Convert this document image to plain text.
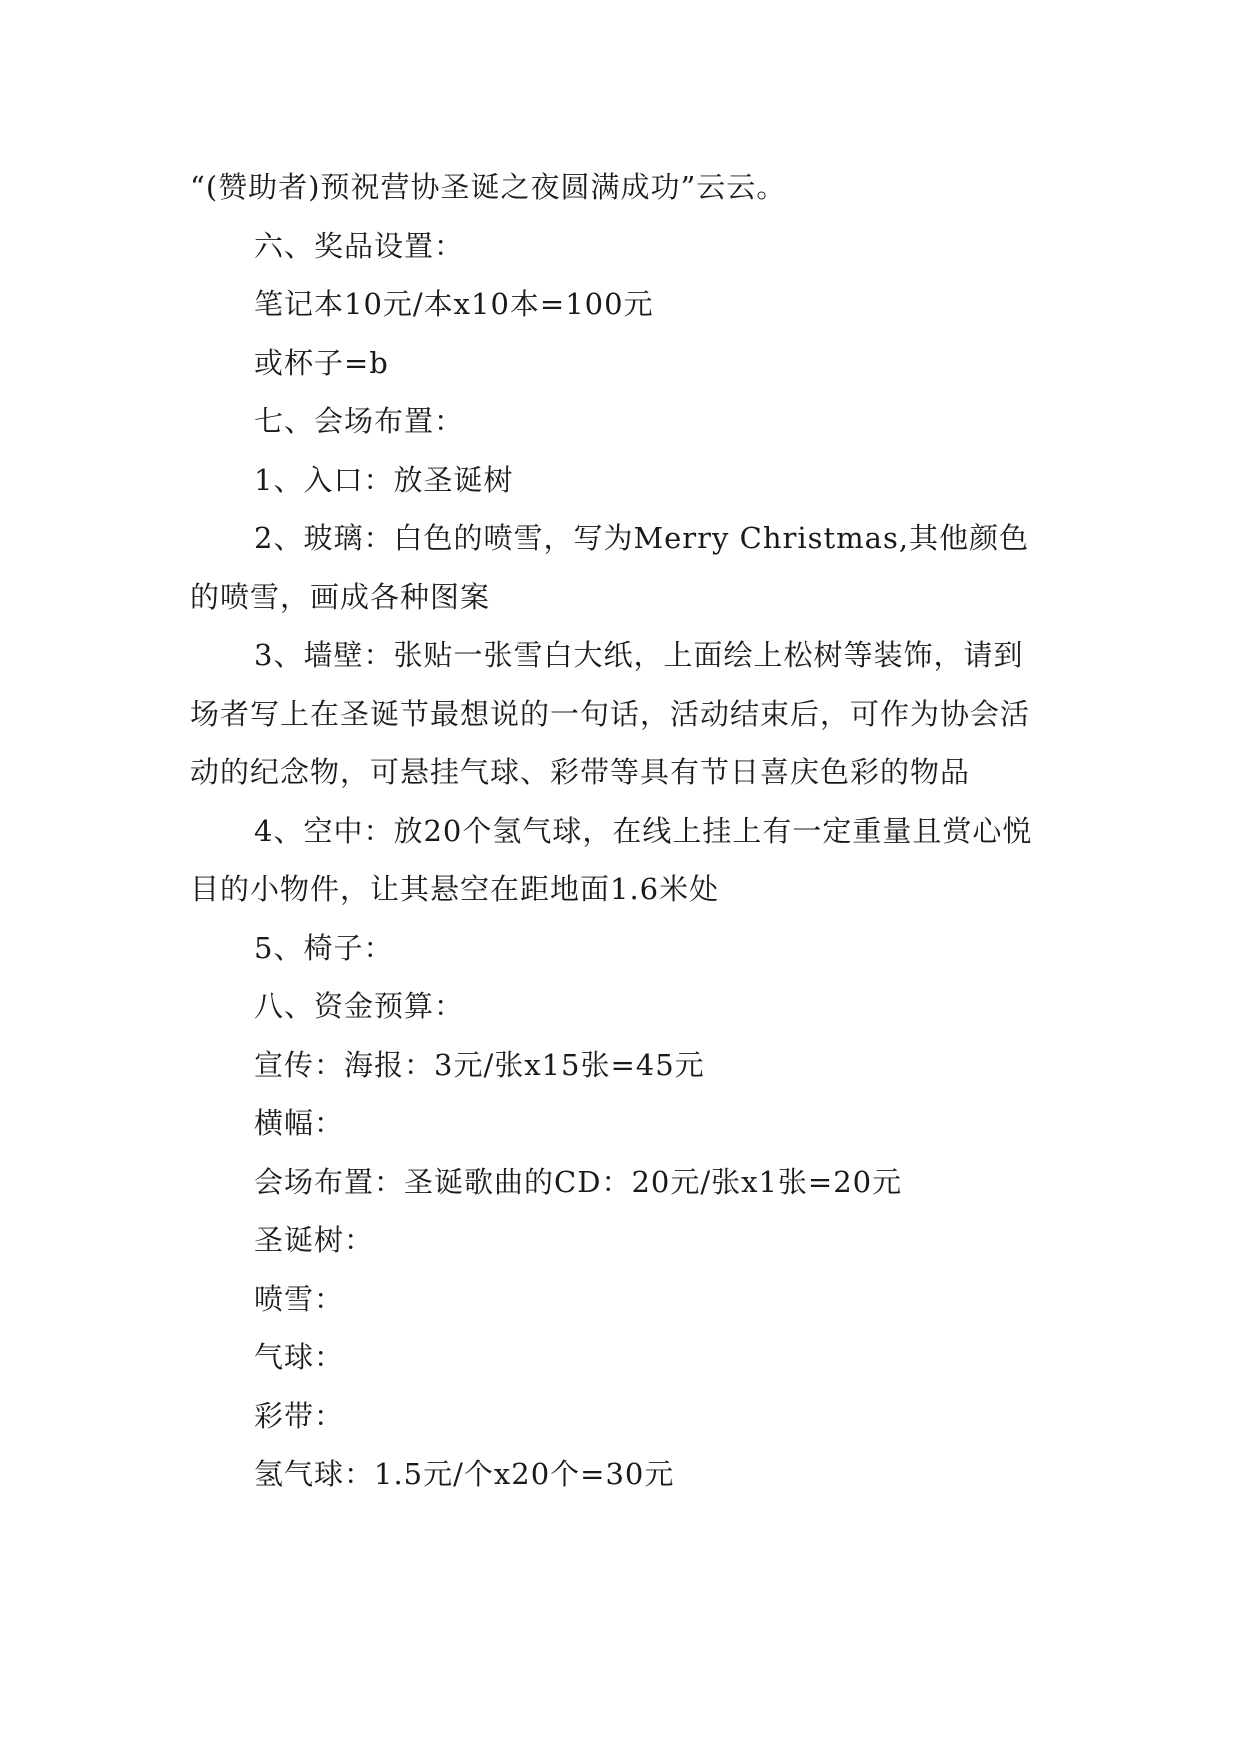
“(赞助者)预祝营协圣诞之夜圆满成功”云云。

六、奖品设置：

笔记本10元/本x10本=100元

或杯子=b

七、会场布置：

1、入口：放圣诞树

2、玻璃：白色的喷雪，写为Merry Christmas,其他颜色的喷雪，画成各种图案

3、墙壁：张贴一张雪白大纸，上面绘上松树等装饰，请到场者写上在圣诞节最想说的一句话，活动结束后，可作为协会活动的纪念物，可悬挂气球、彩带等具有节日喜庆色彩的物品

4、空中：放20个氢气球，在线上挂上有一定重量且赏心悦目的小物件，让其悬空在距地面1.6米处

5、椅子：

八、资金预算：

宣传：海报：3元/张x15张=45元

横幅：

会场布置：圣诞歌曲的CD：20元/张x1张=20元

圣诞树：

喷雪：

气球：

彩带：

氢气球：1.5元/个x20个=30元
